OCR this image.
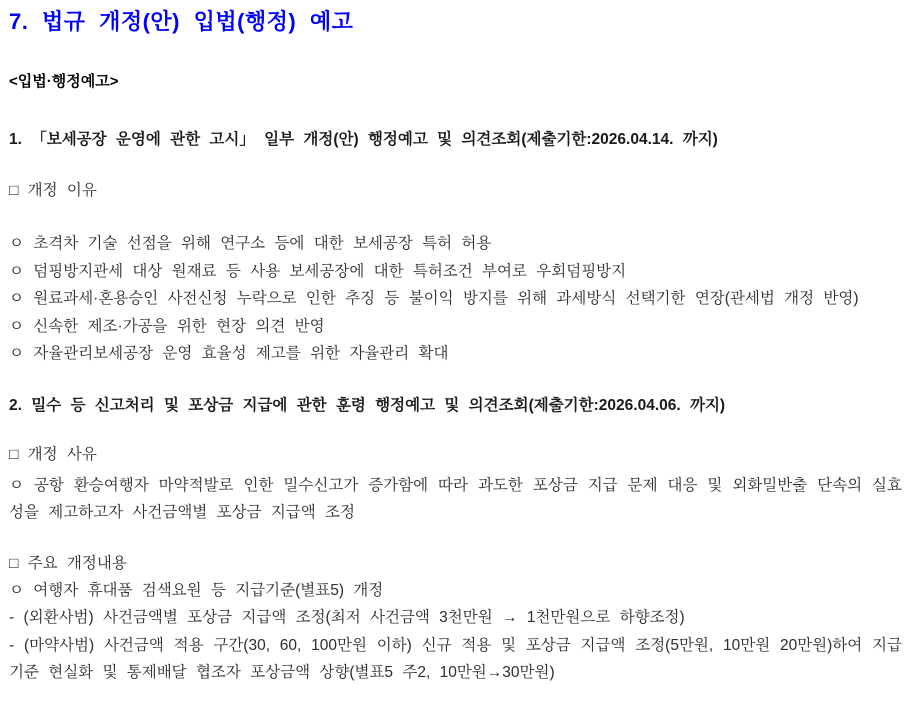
7. 법규 개정(안) 입법(행정) 예고
<입법·행정예고>
1. 「보세공장 운영에 관한 고시」 일부 개정(안) 행정예고 및 의견조회(제출기한:2026.04.14. 까지)
□ 개정 이유
ㅇ 초격차 기술 선점을 위해 연구소 등에 대한 보세공장 특허 허용
ㅇ 덤핑방지관세 대상 원재료 등 사용 보세공장에 대한 특허조건 부여로 우회덤핑방지
ㅇ 원료과세·혼용승인 사전신청 누락으로 인한 추징 등 불이익 방지를 위해 과세방식 선택기한 연장(관세법 개정 반영)
ㅇ 신속한 제조·가공을 위한 현장 의견 반영
ㅇ 자율관리보세공장 운영 효율성 제고를 위한 자율관리 확대
2. 밀수 등 신고처리 및 포상금 지급에 관한 훈령 행정예고 및 의견조회(제출기한:2026.04.06. 까지)
□ 개정 사유
ㅇ 공항 환승여행자 마약적발로 인한 밀수신고가 증가함에 따라 과도한 포상금 지급 문제 대응 및 외화밀반출 단속의 실효성을 제고하고자 사건금액별 포상금 지급액 조정
□ 주요 개정내용
ㅇ 여행자 휴대품 검색요원 등 지급기준(별표5) 개정
- (외환사범) 사건금액별 포상금 지급액 조정(최저 사건금액 3천만원 → 1천만원으로 하향조정)
- (마약사범) 사건금액 적용 구간(30, 60, 100만원 이하) 신규 적용 및 포상금 지급액 조정(5만원, 10만원 20만원)하여 지급기준 현실화 및 통제배달 협조자 포상금액 상향(별표5 주2, 10만원→30만원)
